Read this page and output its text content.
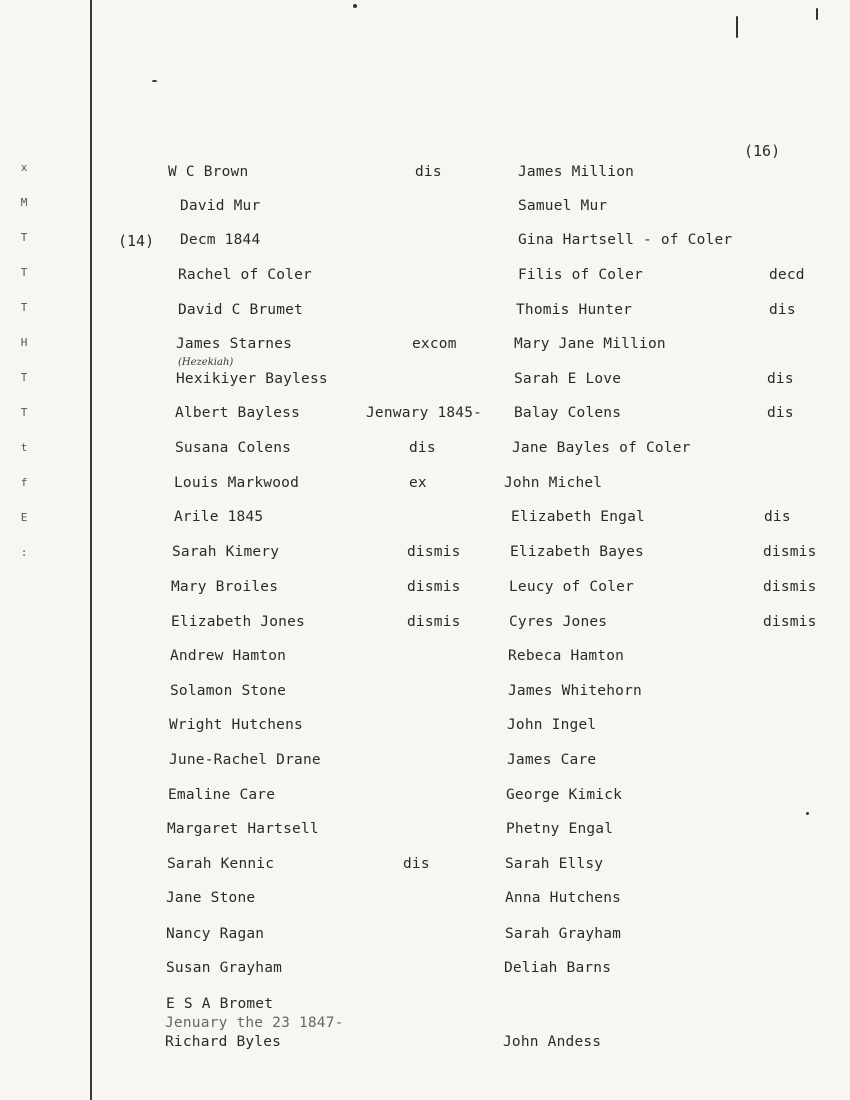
x
M
T
T
T
H
T
T
t
f
E
:
(16)
(14)
(Hezekiah)
W C Brown	dis	James Million
David Mur	Samuel Mur
Decm 1844	Gina Hartsell - of Coler
Rachel of Coler	Filis of Coler	decd
David C Brumet	Thomis Hunter	dis
James Starnes	excom	Mary Jane Million
Hexikiyer Bayless	Sarah E Love	dis
Albert Bayless	Jenwary 1845- Balay Colens	dis
Susana Colens	dis	Jane Bayles of Coler
Louis Markwood	ex	John Michel
Arile 1845	Elizabeth Engal	dis
Sarah Kimery	dismis	Elizabeth Bayes	dismis
Mary Broiles	dismis	Leucy of Coler	dismis
Elizabeth Jones	dismis	Cyres Jones	dismis
Andrew Hamton	Rebeca Hamton
Solamon Stone	James Whitehorn
Wright Hutchens	John Ingel
June-Rachel Drane	James Care
Emaline Care	George Kimick
Margaret Hartsell	Phetny Engal
Sarah Kennic	dis	Sarah Ellsy
Jane Stone	Anna Hutchens
Nancy Ragan	Sarah Grayham
Susan Grayham	Deliah Barns
E S A Bromet
Jenuary the 23 1847-
Richard Byles	John Andess
